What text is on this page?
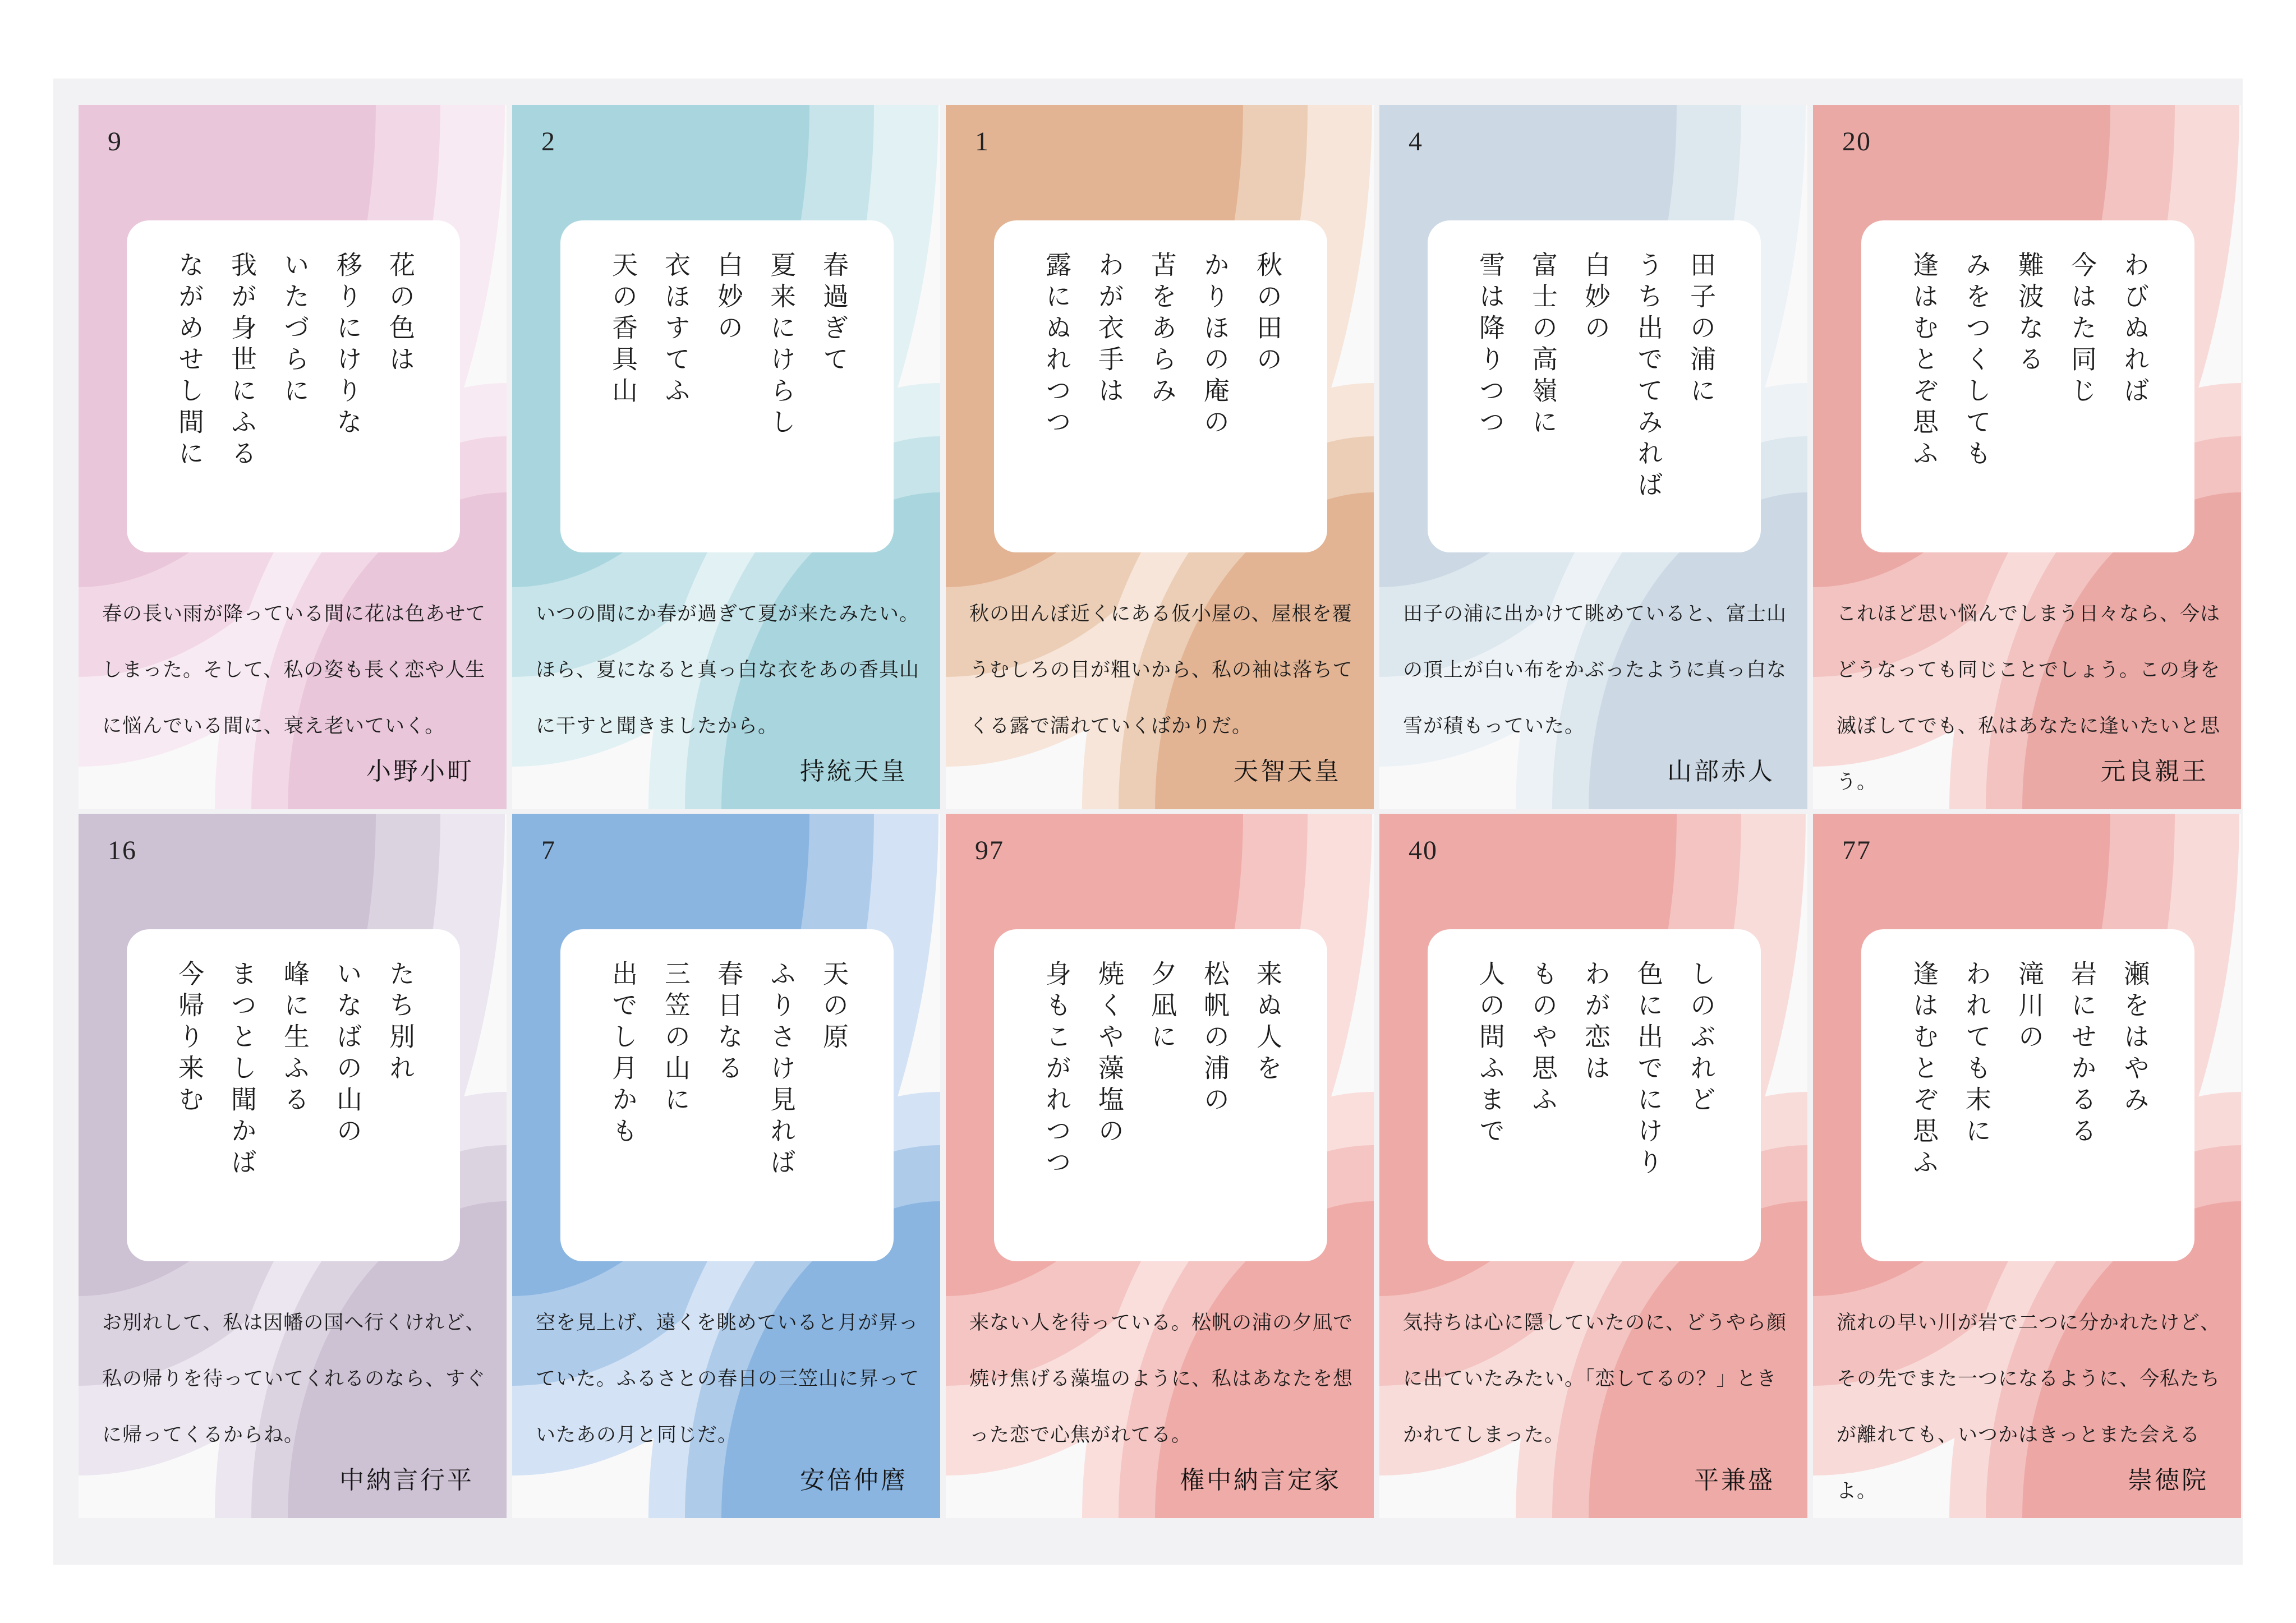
9
花の色は
移りにけりな
いたづらに
我が身世にふる
ながめせし間に

春の長い雨が降っている間に花は色あせてしまった。そして、私の姿も長く恋や人生に悩んでいる間に、衰え老いていく。

小野小町
2
春過ぎて
夏来にけらし
白妙の
衣ほすてふ
天の香具山

いつの間にか春が過ぎて夏が来たみたい。ほら、夏になると真っ白な衣をあの香具山に干すと聞きましたから。

持統天皇
1
秋の田の
かりほの庵の
苫をあらみ
わが衣手は
露にぬれつつ

秋の田んぼ近くにある仮小屋の、屋根を覆うむしろの目が粗いから、私の袖は落ちてくる露で濡れていくばかりだ。

天智天皇
4
田子の浦に
うち出でてみれば
白妙の
富士の高嶺に
雪は降りつつ

田子の浦に出かけて眺めていると、富士山の頂上が白い布をかぶったように真っ白な雪が積もっていた。

山部赤人
20
わびぬれば
今はた同じ
難波なる
みをつくしても
逢はむとぞ思ふ

これほど思い悩んでしまう日々なら、今はどうなっても同じことでしょう。この身を滅ぼしてでも、私はあなたに逢いたいと思う。	元良親王
16
たち別れ
いなばの山の
峰に生ふる
まつとし聞かば
今帰り来む

お別れして、私は因幡の国へ行くけれど、私の帰りを待っていてくれるのなら、すぐに帰ってくるからね。

中納言行平
7
天の原
ふりさけ見れば
春日なる
三笠の山に
出でし月かも

空を見上げ、遠くを眺めていると月が昇っていた。ふるさとの春日の三笠山に昇っていたあの月と同じだ。

安倍仲麿
97
来ぬ人を
松帆の浦の
夕凪に
焼くや藻塩の
身もこがれつつ

来ない人を待っている。松帆の浦の夕凪で焼け焦げる藻塩のように、私はあなたを想った恋で心焦がれてる。

権中納言定家
40
しのぶれど
色に出でにけり
わが恋は
ものや思ふ
人の問ふまで

気持ちは心に隠していたのに、どうやら顔に出ていたみたい。「恋してるの？」ときかれてしまった。

平兼盛
77
瀬をはやみ
岩にせかるる
滝川の
われても末に
逢はむとぞ思ふ

流れの早い川が岩で二つに分かれたけど、その先でまた一つになるように、今私たちが離れても、いつかはきっとまた会えるよ。	崇徳院
